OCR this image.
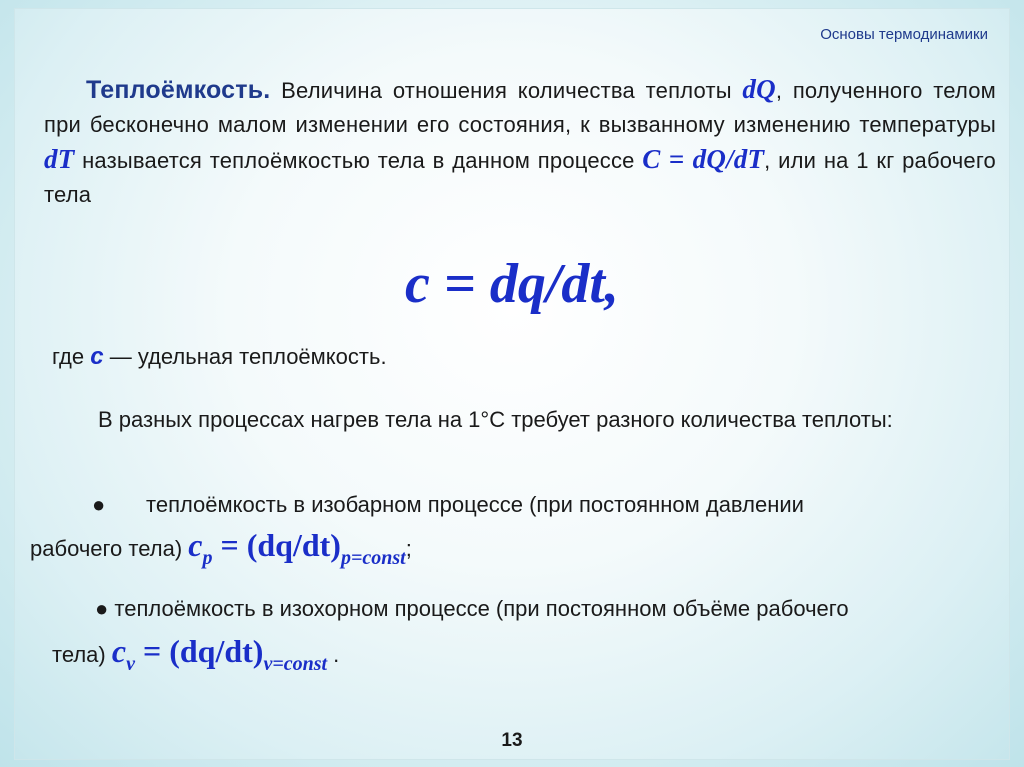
Основы термодинамики
Теплоёмкость. Величина отношения количества теплоты dQ, полученного телом при бесконечно малом изменении его состояния, к вызванному изменению температуры dT называется теплоёмкостью тела в данном процессе C = dQ/dT, или на 1 кг рабочего тела
c = dq/dt,
где c — удельная теплоёмкость.
В разных процессах нагрев тела на 1°С требует разного количества теплоты:
● теплоёмкость в изобарном процессе (при постоянном давлении
рабочего тела) $c_p = (dq/dt)_{p=const}$;
● теплоёмкость в изохорном процессе (при постоянном объёме рабочего
тела) $c_v = (dq/dt)_{v=const}$ .
13
